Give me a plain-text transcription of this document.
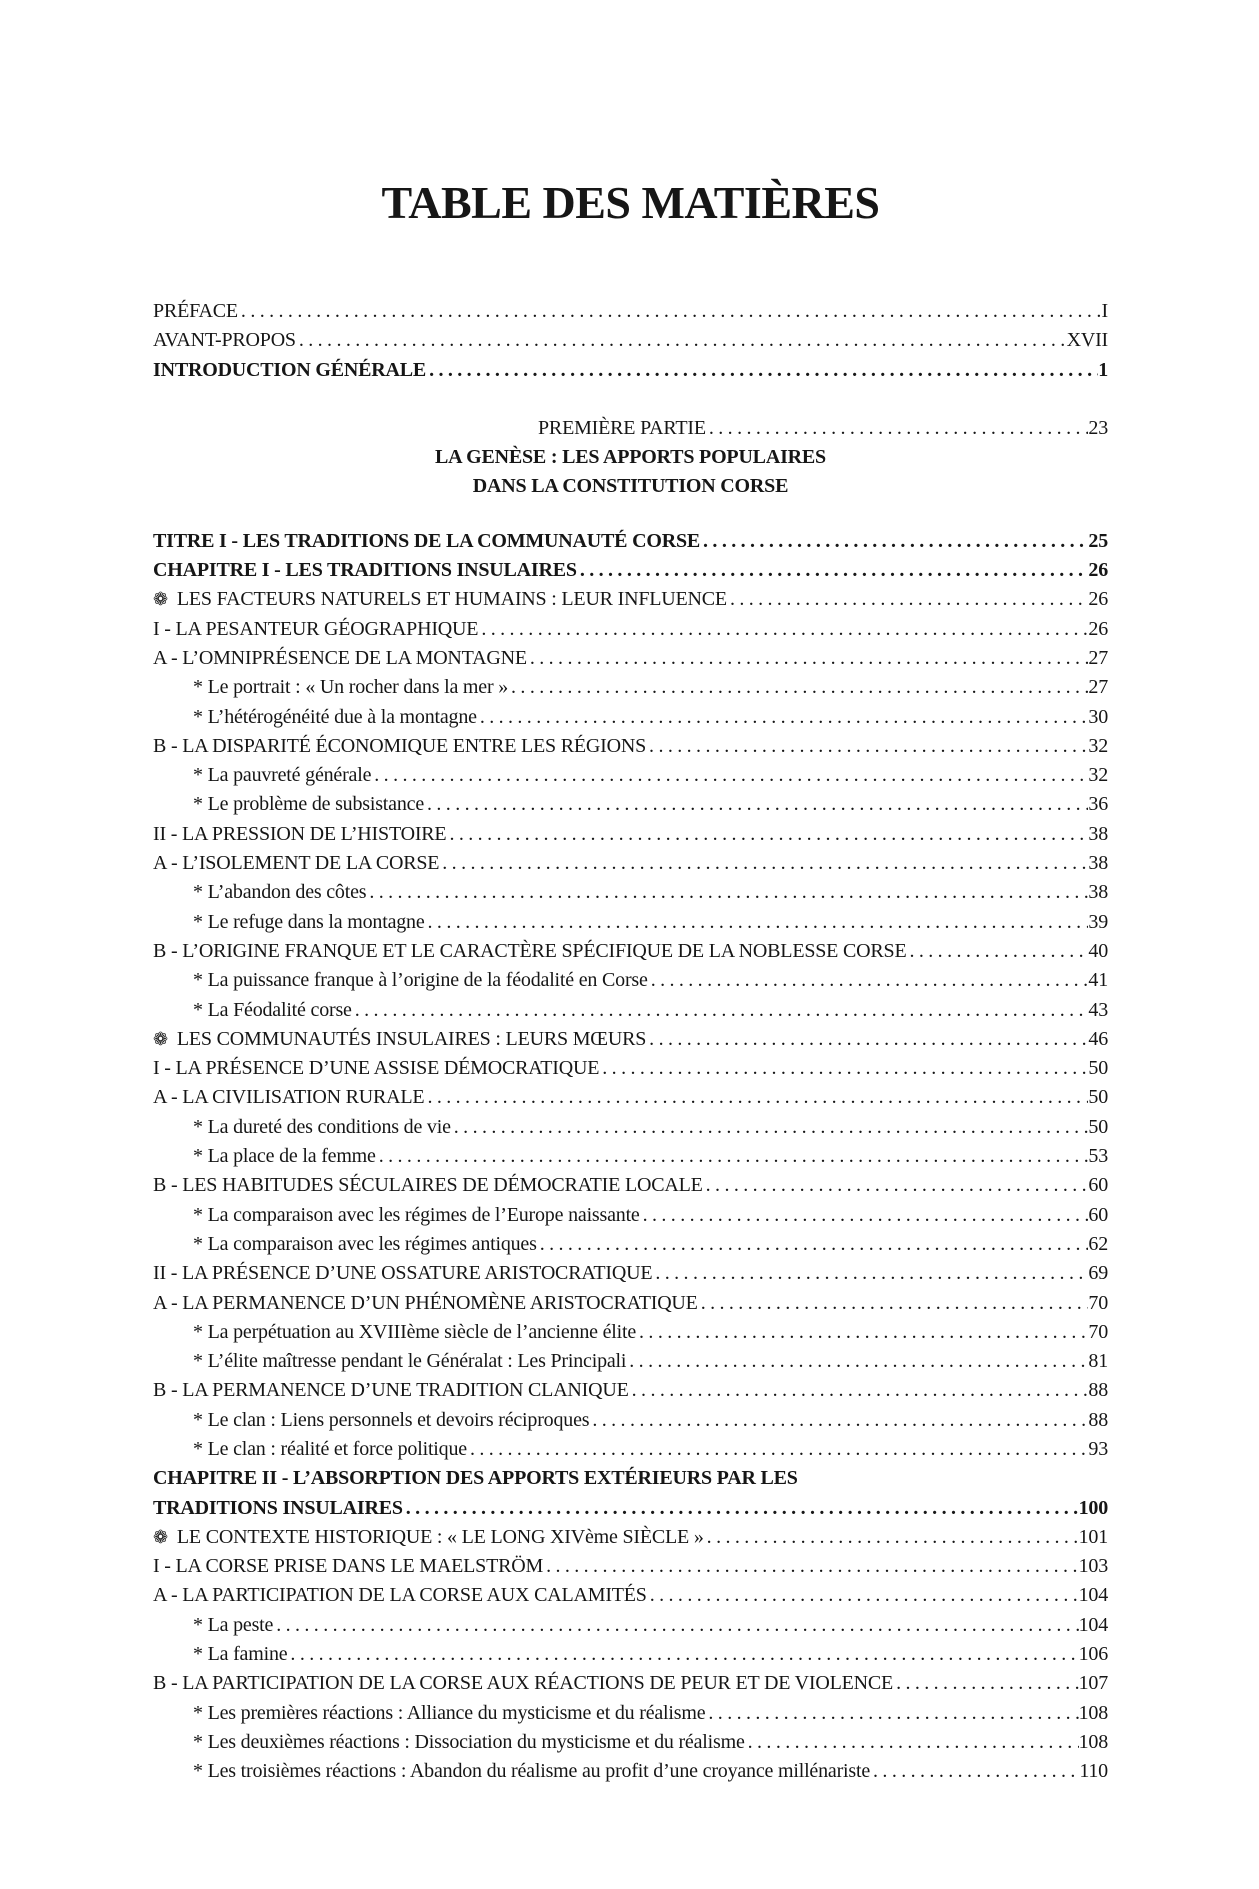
TABLE DES MATIÈRES
PRÉFACE .....	I
AVANT-PROPOS .....	XVII
INTRODUCTION GÉNÉRALE .....	1
PREMIÈRE PARTIE .....	23
LA GENÈSE : LES APPORTS POPULAIRES
DANS LA CONSTITUTION CORSE
TITRE I - LES TRADITIONS DE LA COMMUNAUTÉ CORSE .....	25
CHAPITRE I - LES TRADITIONS INSULAIRES .....	26
❁ LES FACTEURS NATURELS ET HUMAINS : LEUR INFLUENCE .....	26
I - LA PESANTEUR GÉOGRAPHIQUE .....	26
A - L’OMNIPRÉSENCE DE LA MONTAGNE .....	27
* Le portrait : « Un rocher dans la mer » .....	27
* L’hétérogénéité due à la montagne .....	30
B - LA DISPARITÉ ÉCONOMIQUE ENTRE LES RÉGIONS .....	32
* La pauvreté générale .....	32
* Le problème de subsistance .....	36
II - LA PRESSION DE L’HISTOIRE .....	38
A - L’ISOLEMENT DE LA CORSE .....	38
* L’abandon des côtes .....	38
* Le refuge dans la montagne .....	39
B - L’ORIGINE FRANQUE ET LE CARACTÈRE SPÉCIFIQUE DE LA NOBLESSE CORSE .....	40
* La puissance franque à l’origine de la féodalité en Corse .....	41
* La Féodalité corse .....	43
❁ LES COMMUNAUTÉS INSULAIRES : LEURS MŒURS .....	46
I - LA PRÉSENCE D’UNE ASSISE DÉMOCRATIQUE .....	50
A - LA CIVILISATION RURALE .....	50
* La dureté des conditions de vie .....	50
* La place de la femme .....	53
B - LES HABITUDES SÉCULAIRES DE DÉMOCRATIE LOCALE .....	60
* La comparaison avec les régimes de l’Europe naissante .....	60
* La comparaison avec les régimes antiques .....	62
II - LA PRÉSENCE D’UNE OSSATURE ARISTOCRATIQUE .....	69
A - LA PERMANENCE D’UN PHÉNOMÈNE ARISTOCRATIQUE .....	70
* La perpétuation au XVIIIème siècle de l’ancienne élite .....	70
* L’élite maîtresse pendant le Généralat : Les Principali .....	81
B - LA PERMANENCE D’UNE TRADITION CLANIQUE .....	88
* Le clan : Liens personnels et devoirs réciproques .....	88
* Le clan : réalité et force politique .....	93
CHAPITRE II - L’ABSORPTION DES APPORTS EXTÉRIEURS PAR LES
TRADITIONS INSULAIRES .....	100
❁ LE CONTEXTE HISTORIQUE : « LE LONG XIVème SIÈCLE » .....	101
I - LA CORSE PRISE DANS LE MAELSTRÖM .....	103
A - LA PARTICIPATION DE LA CORSE AUX CALAMITÉS .....	104
* La peste .....	104
* La famine .....	106
B - LA PARTICIPATION DE LA CORSE AUX RÉACTIONS DE PEUR ET DE VIOLENCE .....	107
* Les premières réactions : Alliance du mysticisme et du réalisme .....	108
* Les deuxièmes réactions : Dissociation du mysticisme et du réalisme .....	108
* Les troisièmes réactions : Abandon du réalisme au profit d’une croyance millénariste .....	110
